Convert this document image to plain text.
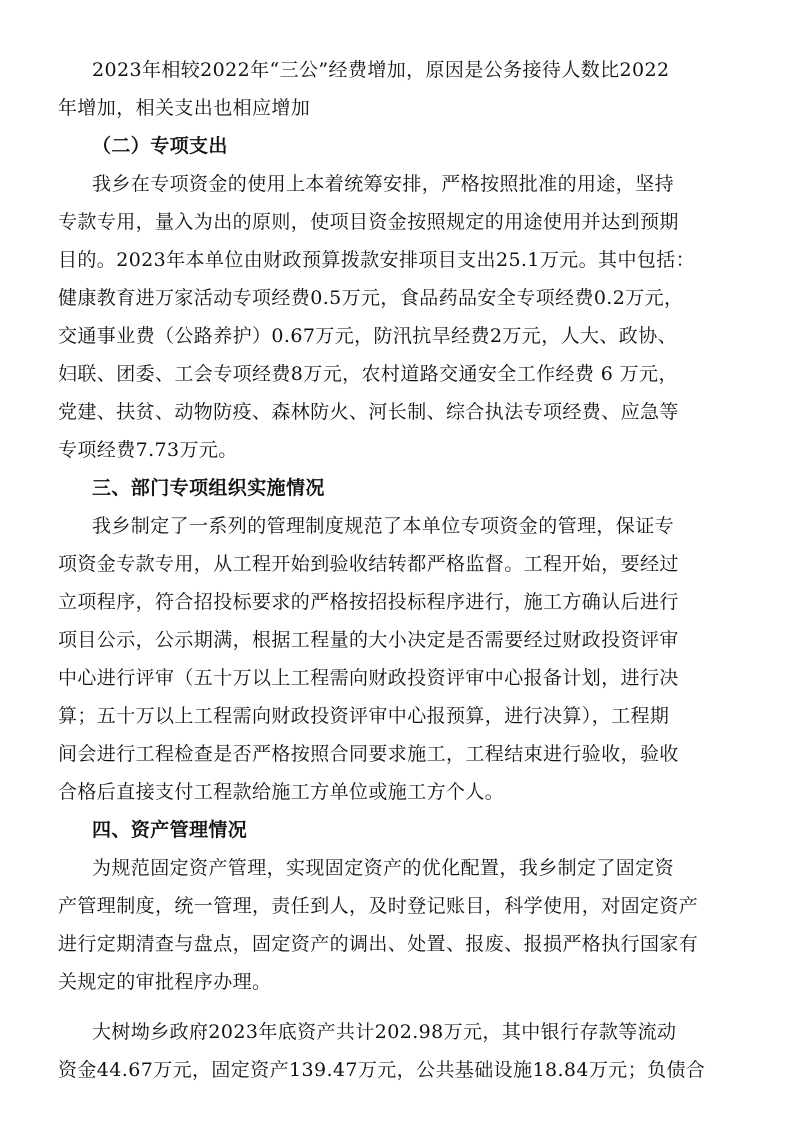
2023年相较2022年“三公”经费增加，原因是公务接待人数比2022
年增加，相关支出也相应增加
（二）专项支出
我乡在专项资金的使用上本着统筹安排，严格按照批准的用途，坚持
专款专用，量入为出的原则，使项目资金按照规定的用途使用并达到预期
目的。2023年本单位由财政预算拨款安排项目支出25.1万元。其中包括：
健康教育进万家活动专项经费0.5万元，食品药品安全专项经费0.2万元，
交通事业费（公路养护）0.67万元，防汛抗旱经费2万元，人大、政协、
妇联、团委、工会专项经费8万元，农村道路交通安全工作经费 6 万元，
党建、扶贫、动物防疫、森林防火、河长制、综合执法专项经费、应急等
专项经费7.73万元。
三、部门专项组织实施情况
我乡制定了一系列的管理制度规范了本单位专项资金的管理，保证专
项资金专款专用，从工程开始到验收结转都严格监督。工程开始，要经过
立项程序，符合招投标要求的严格按招投标程序进行，施工方确认后进行
项目公示，公示期满，根据工程量的大小决定是否需要经过财政投资评审
中心进行评审（五十万以上工程需向财政投资评审中心报备计划，进行决
算；五十万以上工程需向财政投资评审中心报预算，进行决算），工程期
间会进行工程检查是否严格按照合同要求施工，工程结束进行验收，验收
合格后直接支付工程款给施工方单位或施工方个人。
四、资产管理情况
为规范固定资产管理，实现固定资产的优化配置，我乡制定了固定资
产管理制度，统一管理，责任到人，及时登记账目，科学使用，对固定资产
进行定期清查与盘点，固定资产的调出、处置、报废、报损严格执行国家有
关规定的审批程序办理。
大树坳乡政府2023年底资产共计202.98万元，其中银行存款等流动
资金44.67万元，固定资产139.47万元，公共基础设施18.84万元；负债合
